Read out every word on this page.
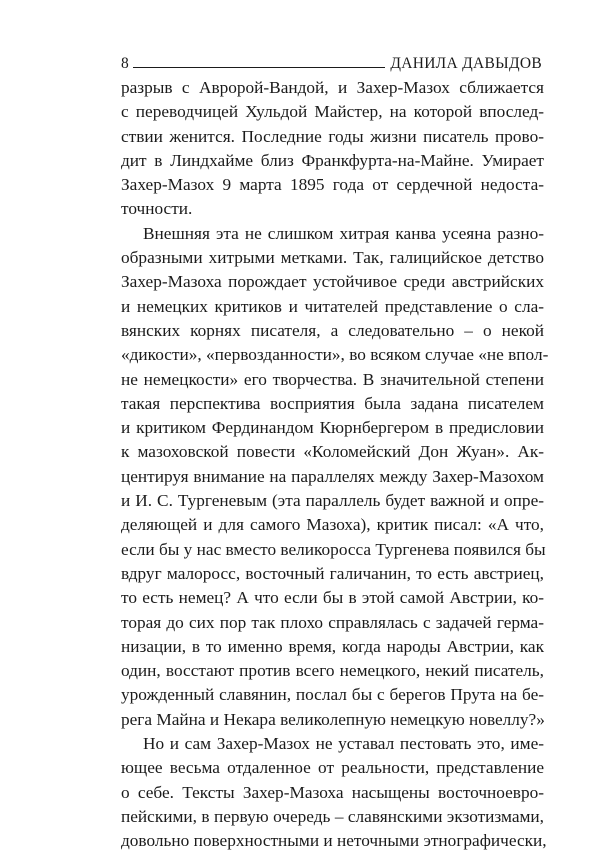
8	ДАНИЛА ДАВЫДОВ
разрыв с Авророй-Вандой, и Захер-Мазох сближается
с переводчицей Хульдой Майстер, на которой впослед-
ствии женится. Последние годы жизни писатель прово-
дит в Линдхайме близ Франкфурта-на-Майне. Умирает
Захер-Мазох 9 марта 1895 года от сердечной недоста-
точности.
Внешняя эта не слишком хитрая канва усеяна разно-
образными хитрыми метками. Так, галицийское детство
Захер-Мазоха порождает устойчивое среди австрийских
и немецких критиков и читателей представление о сла-
вянских корнях писателя, а следовательно – о некой
«дикости», «первозданности», во всяком случае «не впол-
не немецкости» его творчества. В значительной степени
такая перспектива восприятия была задана писателем
и критиком Фердинандом Кюрнбергером в предисловии
к мазоховской повести «Коломейский Дон Жуан». Ак-
центируя внимание на параллелях между Захер-Мазохом
и И. С. Тургеневым (эта параллель будет важной и опре-
деляющей и для самого Мазоха), критик писал: «А что,
если бы у нас вместо великоросса Тургенева появился бы
вдруг малоросс, восточный галичанин, то есть австриец,
то есть немец? А что если бы в этой самой Австрии, ко-
торая до сих пор так плохо справлялась с задачей герма-
низации, в то именно время, когда народы Австрии, как
один, восстают против всего немецкого, некий писатель,
урожденный славянин, послал бы с берегов Прута на бе-
рега Майна и Некара великолепную немецкую новеллу?»
Но и сам Захер-Мазох не уставал пестовать это, име-
ющее весьма отдаленное от реальности, представление
о себе. Тексты Захер-Мазоха насыщены восточноевро-
пейскими, в первую очередь – славянскими экзотизмами,
довольно поверхностными и неточными этнографически,
